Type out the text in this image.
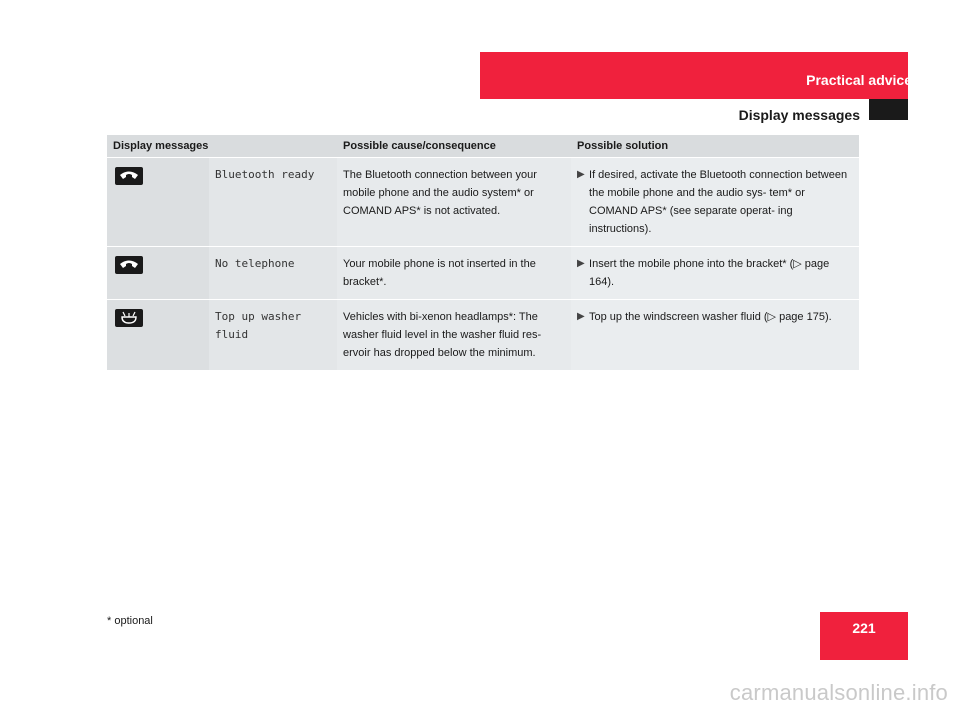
Practical advice
Display messages
Display messages		Possible cause/consequence	Possible solution

	Bluetooth ready	The Bluetooth connection between your mobile phone and the audio system* or COMAND APS* is not activated.	▶ If desired, activate the Bluetooth connection between the mobile phone and the audio sys- tem* or COMAND APS* (see separate operat- ing instructions).

	No telephone	Your mobile phone is not inserted in the bracket*.	▶ Insert the mobile phone into the bracket* (▷ page 164).

	Top up washer fluid	Vehicles with bi-xenon headlamps*: The washer fluid level in the washer fluid res- ervoir has dropped below the minimum.	▶ Top up the windscreen washer fluid (▷ page 175).
* optional	221
carmanualsonline.info
